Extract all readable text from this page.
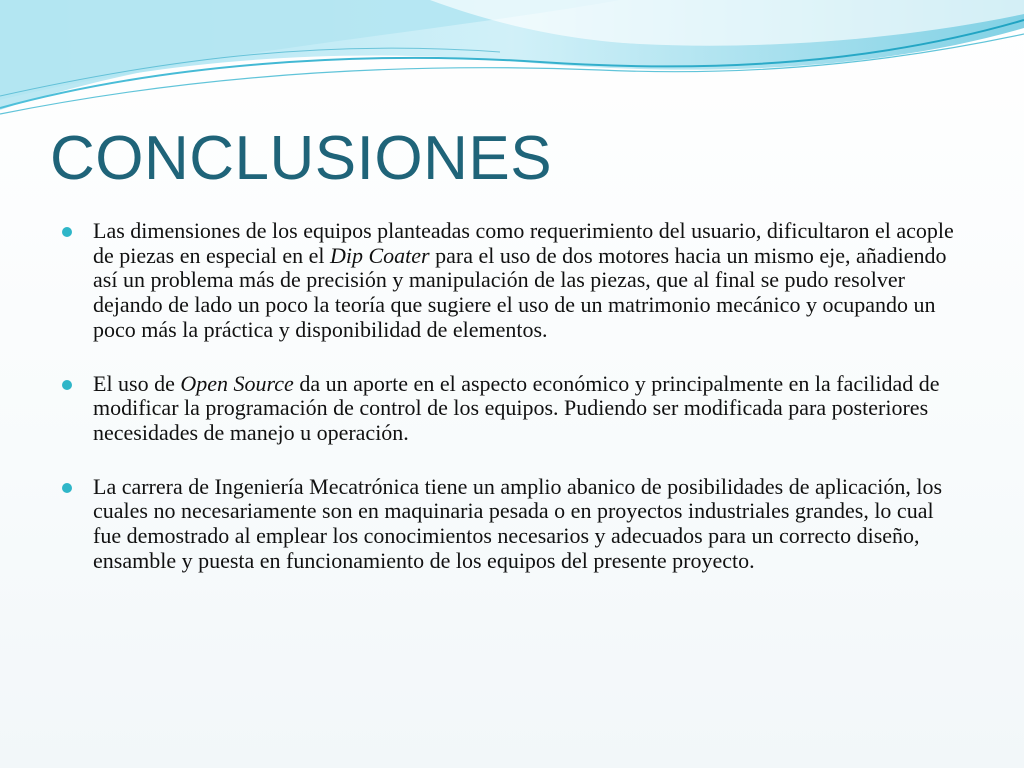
CONCLUSIONES
Las dimensiones de los equipos planteadas como requerimiento del usuario, dificultaron el acople de piezas en especial en el Dip Coater para el uso de dos motores hacia un mismo eje, añadiendo así un problema más de precisión y manipulación de las piezas, que al final se pudo resolver dejando de lado un poco la teoría que sugiere el uso de un matrimonio mecánico y ocupando un poco más la práctica y disponibilidad de elementos.
El uso de Open Source da un aporte en el aspecto económico y principalmente en la facilidad de modificar la programación de control de los equipos. Pudiendo ser modificada para posteriores necesidades de manejo u operación.
La carrera de Ingeniería Mecatrónica tiene un amplio abanico de posibilidades de aplicación, los cuales no necesariamente son en maquinaria pesada o en proyectos industriales grandes, lo cual fue demostrado al emplear los conocimientos necesarios y adecuados para un correcto diseño, ensamble y puesta en funcionamiento de los equipos del presente proyecto.
